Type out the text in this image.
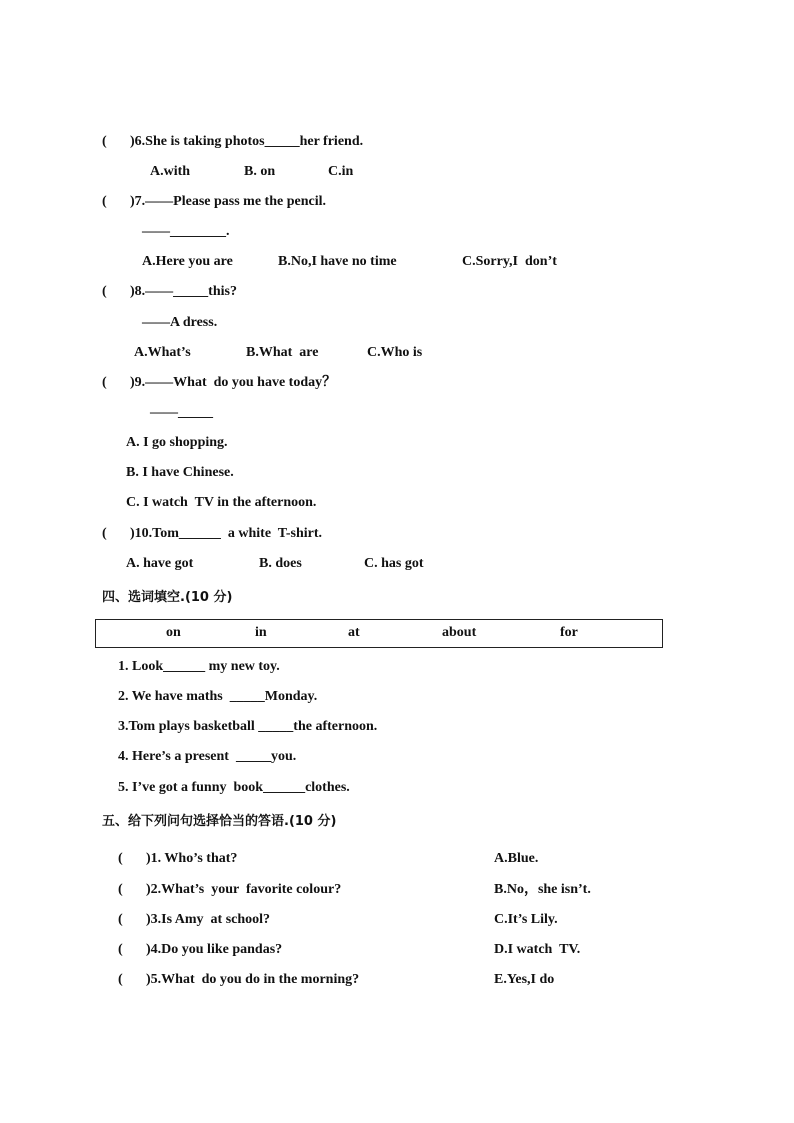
( )6.She is taking photos_____her friend.
A.with	B. on	C.in
( )7.——Please pass me the pencil.
——________.
A.Here you are	B.No,I have no time	C.Sorry,I  don’t
( )8.——_____this?
——A dress.
A.What’s	B.What  are	C.Who is
( )9.——What  do you have today？
——_____
A. I go shopping.
B. I have Chinese.
C. I watch  TV in the afternoon.
( )10.Tom______  a white  T-shirt.
A. have got	B. does	C. has got
四、选词填空.(10 分)
on	in	at	about	for
1. Look______ my new toy.
2. We have maths  _____Monday.
3.Tom plays basketball _____the afternoon.
4. Here’s a present  _____you.
5. I’ve got a funny  book______clothes.
五、给下列问句选择恰当的答语.(10 分)
( )1. Who’s that?	A.Blue.
( )2.What’s  your  favorite colour?	B.No，she isn’t.
( )3.Is Amy  at school?	C.It’s Lily.
( )4.Do you like pandas?	D.I watch  TV.
( )5.What  do you do in the morning?	E.Yes,I do
